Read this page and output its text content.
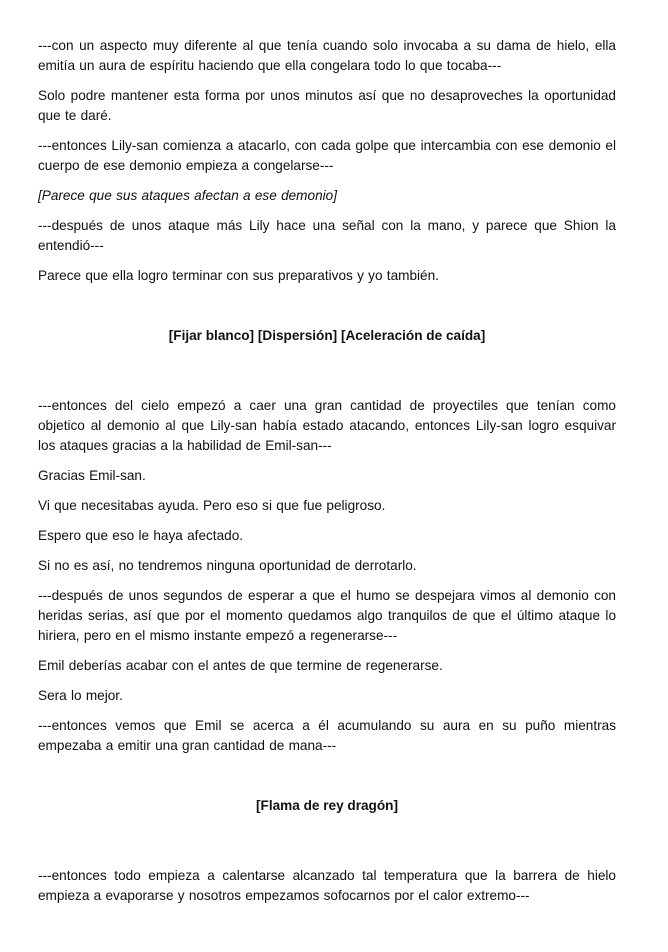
---con un aspecto muy diferente al que tenía cuando solo invocaba a su dama de hielo, ella emitía un aura de espíritu haciendo que ella congelara todo lo que tocaba---

Solo podre mantener esta forma por unos minutos así que no desaproveches la oportunidad que te daré.

---entonces Lily-san comienza a atacarlo, con cada golpe que intercambia con ese demonio el cuerpo de ese demonio empieza a congelarse---

[Parece que sus ataques afectan a ese demonio]

---después de unos ataque más Lily hace una señal con la mano, y parece que Shion la entendió---

Parece que ella logro terminar con sus preparativos y yo también.

[Fijar blanco] [Dispersión] [Aceleración de caída]

---entonces del cielo empezó a caer una gran cantidad de proyectiles que tenían como objetico al demonio al que Lily-san había estado atacando, entonces Lily-san logro esquivar los ataques gracias a la habilidad de Emil-san---

Gracias Emil-san.

Vi que necesitabas ayuda. Pero eso si que fue peligroso.

Espero que eso le haya afectado.

Si no es así, no tendremos ninguna oportunidad de derrotarlo.

---después de unos segundos de esperar a que el humo se despejara vimos al demonio con heridas serias, así que por el momento quedamos algo tranquilos de que el último ataque lo hiriera, pero en el mismo instante empezó a regenerarse---

Emil deberías acabar con el antes de que termine de regenerarse.

Sera lo mejor.

---entonces vemos que Emil se acerca a él acumulando su aura en su puño mientras empezaba a emitir una gran cantidad de mana---

[Flama de rey dragón]

---entonces todo empieza a calentarse alcanzado tal temperatura que la barrera de hielo empieza a evaporarse y nosotros empezamos sofocarnos por el calor extremo---
